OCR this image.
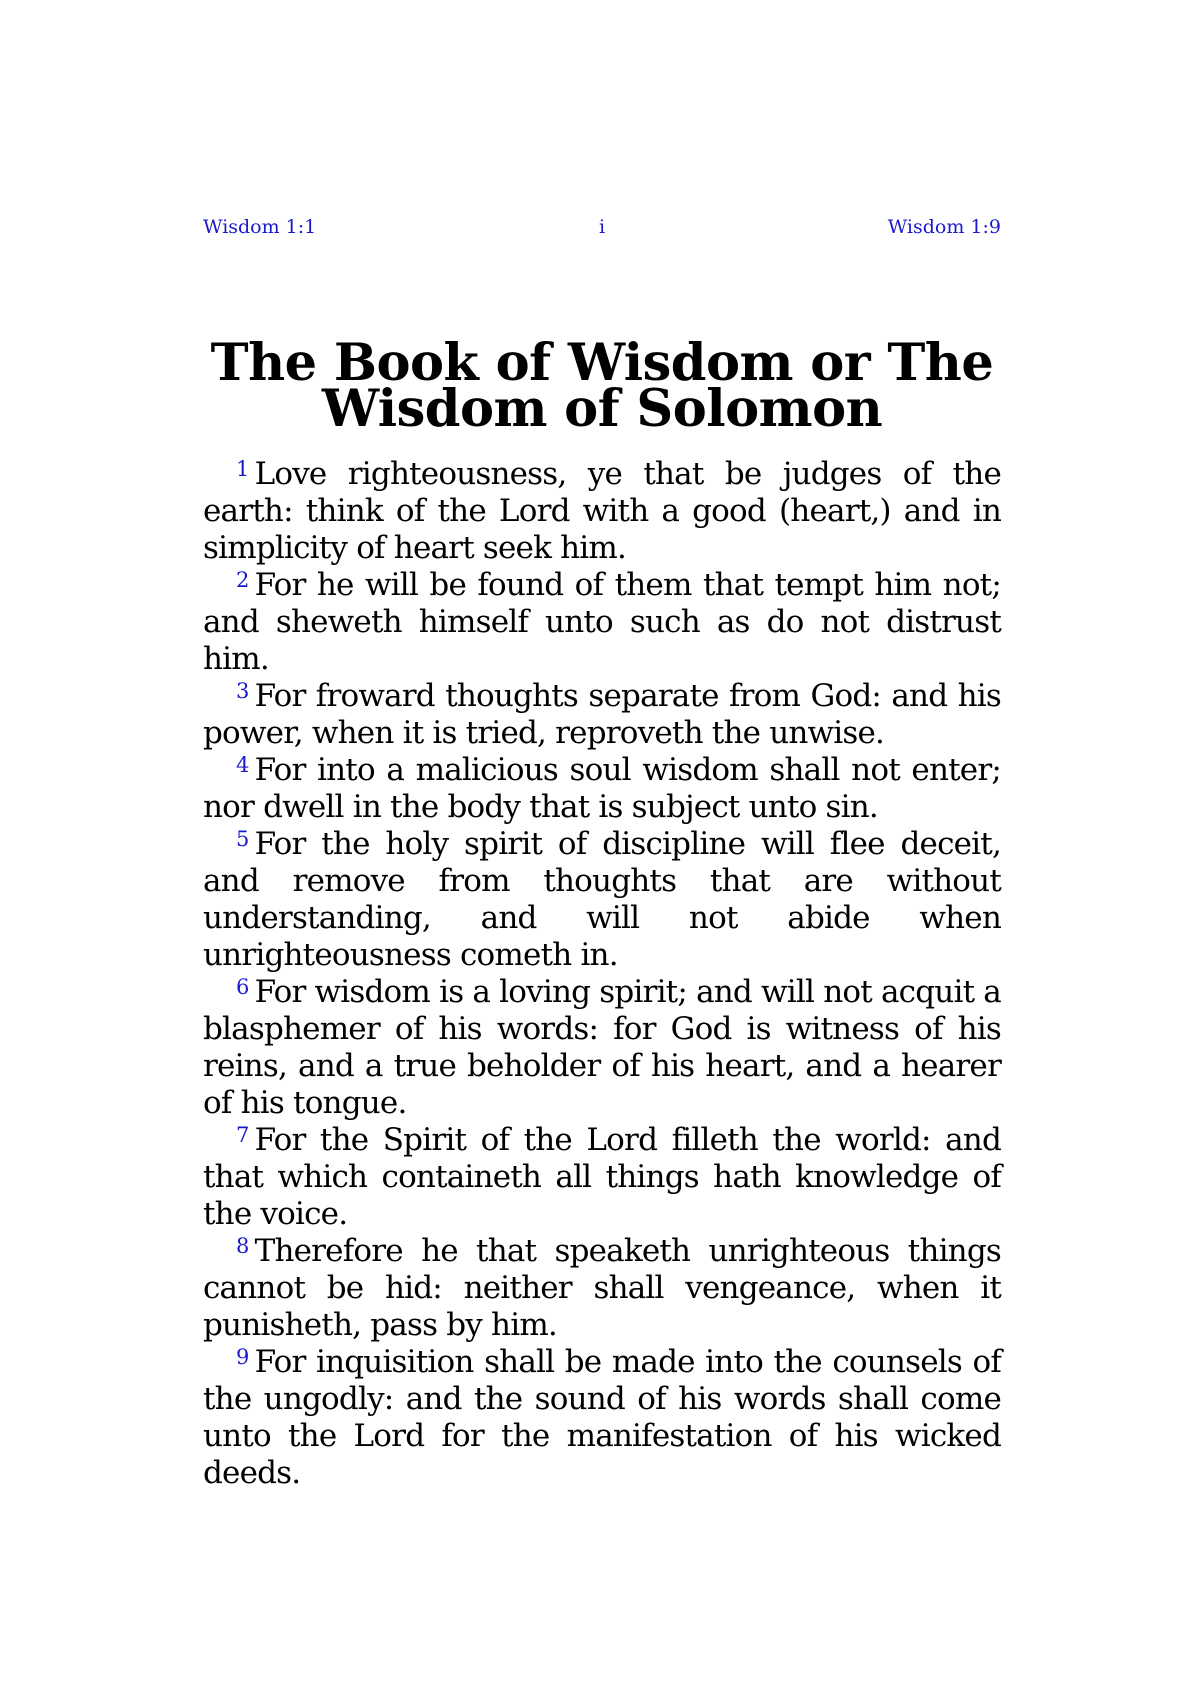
Wisdom 1:1	i	Wisdom 1:9
The Book of Wisdom or The Wisdom of Solomon

$^1$ Love righteousness, ye that be judges of the earth: think of the Lord with a good (heart,) and in simplicity of heart seek him.

$^2$ For he will be found of them that tempt him not; and sheweth himself unto such as do not distrust him.

$^3$ For froward thoughts separate from God: and his power, when it is tried, reproveth the unwise.

$^4$ For into a malicious soul wisdom shall not enter; nor dwell in the body that is subject unto sin.

$^5$ For the holy spirit of discipline will flee deceit, and remove from thoughts that are without understanding, and will not abide when unrighteousness cometh in.

$^6$ For wisdom is a loving spirit; and will not acquit a blasphemer of his words: for God is witness of his reins, and a true beholder of his heart, and a hearer of his tongue.

$^7$ For the Spirit of the Lord filleth the world: and that which containeth all things hath knowledge of the voice.

$^8$ Therefore he that speaketh unrighteous things cannot be hid: neither shall vengeance, when it punisheth, pass by him.

$^9$ For inquisition shall be made into the counsels of the ungodly: and the sound of his words shall come unto the Lord for the manifestation of his wicked deeds.
